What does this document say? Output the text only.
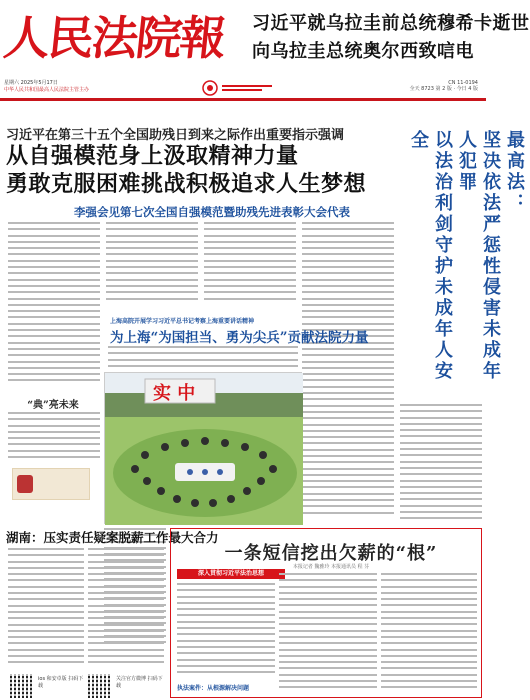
人民法院報	习近平就乌拉圭前总统穆希卡逝世
向乌拉圭总统奥尔西致唁电
星期六 2025年5月17日
中华人民共和国最高人民法院主管主办
CN 11-0194
全天 8723 第 2 版 · 今日 4 版
习近平在第三十五个全国助残日到来之际作出重要指示强调
从自强模范身上汲取精神力量
勇敢克服困难挑战积极追求人生梦想
李强会见第七次全国自强模范暨助残先进表彰大会代表	最高法：
坚决依法严惩性侵害未成年人犯罪
以法治利剑守护未成年人安全
上海高院开展学习习近平总书记考察上海重要讲话精神
为上海“为国担当、勇为尖兵”贡献法院力量
实 中
“典”亮未来
湖南：压实责任疑案脱薪工作最大合力
一条短信挖出欠薪的“根”
本报记者 魏雅玲 本报通讯员 程 芬
深入贯彻习近平法治思想
执法案件：从根源解决问题
ios 和安卓版 扫码下载
关注官方微博 扫码下载
